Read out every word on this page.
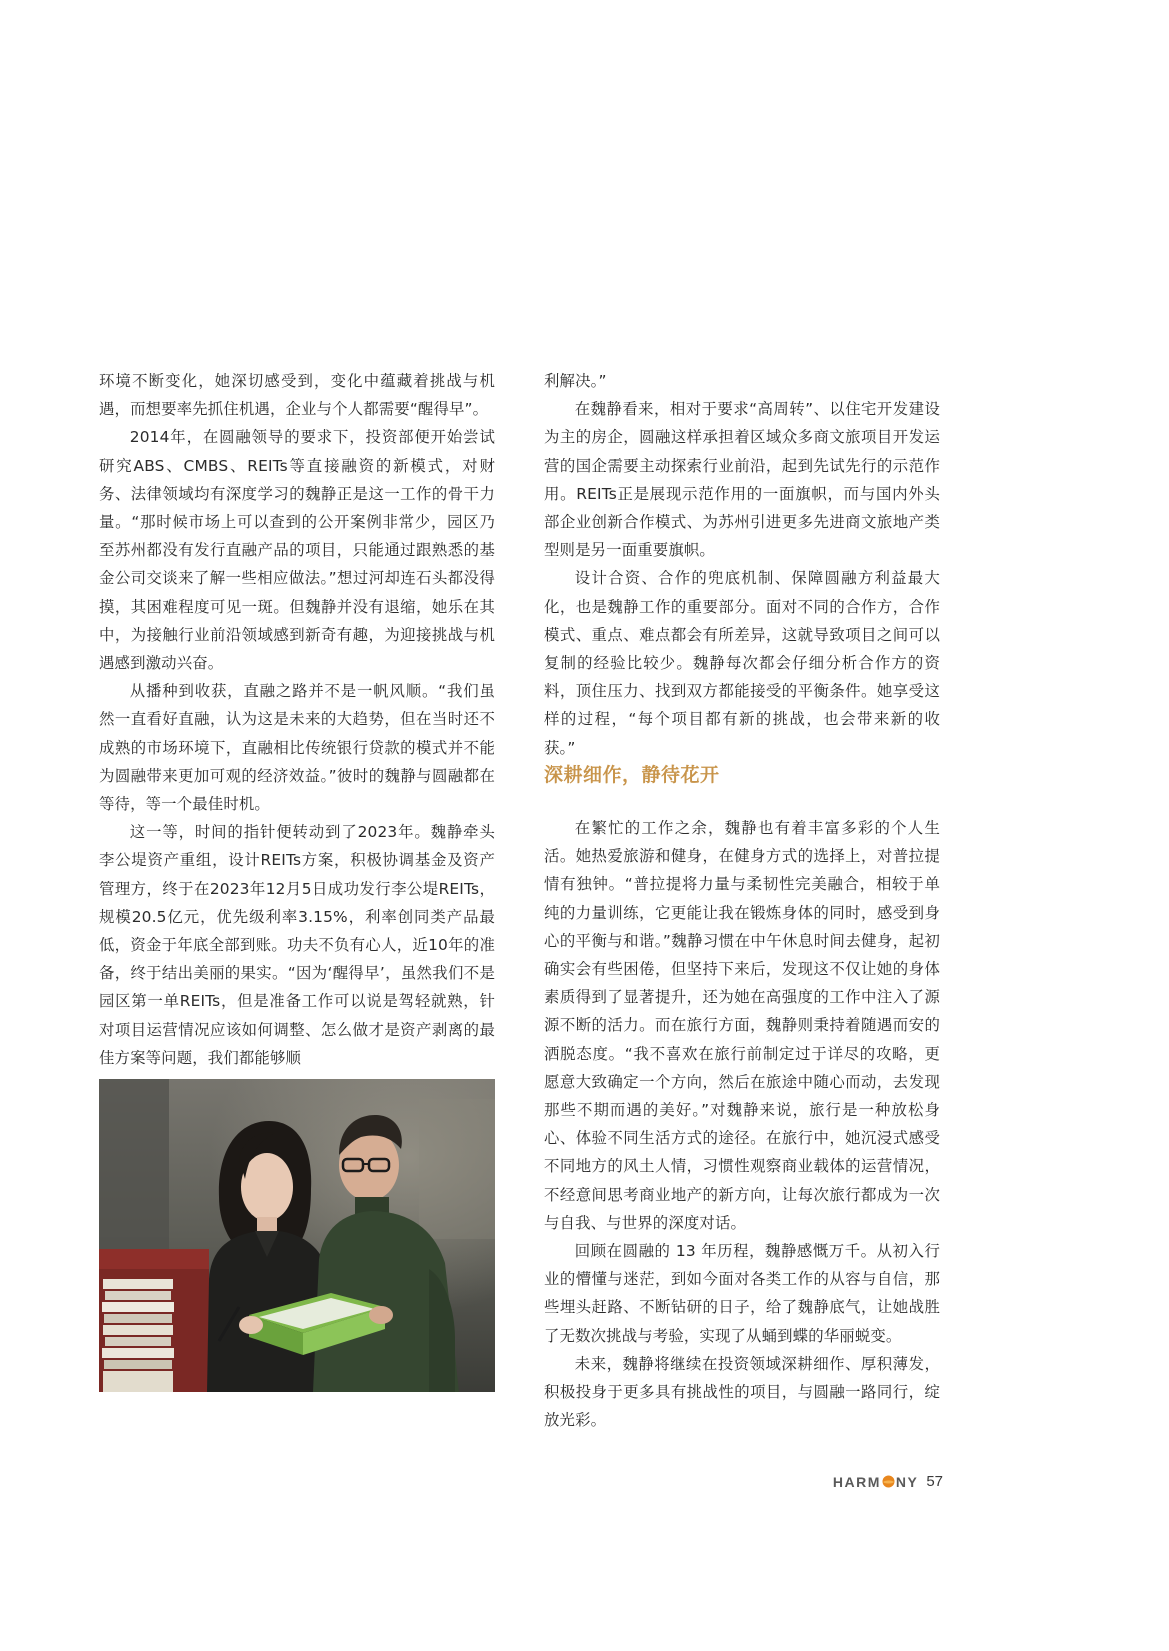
环境不断变化，她深切感受到，变化中蕴藏着挑战与机遇，而想要率先抓住机遇，企业与个人都需要“醒得早”。

2014年，在圆融领导的要求下，投资部便开始尝试研究ABS、CMBS、REITs等直接融资的新模式，对财务、法律领域均有深度学习的魏静正是这一工作的骨干力量。“那时候市场上可以查到的公开案例非常少，园区乃至苏州都没有发行直融产品的项目，只能通过跟熟悉的基金公司交谈来了解一些相应做法。”想过河却连石头都没得摸，其困难程度可见一斑。但魏静并没有退缩，她乐在其中，为接触行业前沿领域感到新奇有趣，为迎接挑战与机遇感到激动兴奋。

从播种到收获，直融之路并不是一帆风顺。“我们虽然一直看好直融，认为这是未来的大趋势，但在当时还不成熟的市场环境下，直融相比传统银行贷款的模式并不能为圆融带来更加可观的经济效益。”彼时的魏静与圆融都在等待，等一个最佳时机。

这一等，时间的指针便转动到了2023年。魏静牵头李公堤资产重组，设计REITs方案，积极协调基金及资产管理方，终于在2023年12月5日成功发行李公堤REITs，规模20.5亿元，优先级利率3.15%，利率创同类产品最低，资金于年底全部到账。功夫不负有心人，近10年的准备，终于结出美丽的果实。“因为‘醒得早’，虽然我们不是园区第一单REITs，但是准备工作可以说是驾轻就熟，针对项目运营情况应该如何调整、怎么做才是资产剥离的最佳方案等问题，我们都能够顺

利解决。”

在魏静看来，相对于要求“高周转”、以住宅开发建设为主的房企，圆融这样承担着区域众多商文旅项目开发运营的国企需要主动探索行业前沿，起到先试先行的示范作用。REITs正是展现示范作用的一面旗帜，而与国内外头部企业创新合作模式、为苏州引进更多先进商文旅地产类型则是另一面重要旗帜。

设计合资、合作的兜底机制、保障圆融方利益最大化，也是魏静工作的重要部分。面对不同的合作方，合作模式、重点、难点都会有所差异，这就导致项目之间可以复制的经验比较少。魏静每次都会仔细分析合作方的资料，顶住压力、找到双方都能接受的平衡条件。她享受这样的过程，“每个项目都有新的挑战，也会带来新的收获。”

深耕细作，静待花开

在繁忙的工作之余，魏静也有着丰富多彩的个人生活。她热爱旅游和健身，在健身方式的选择上，对普拉提情有独钟。“普拉提将力量与柔韧性完美融合，相较于单纯的力量训练，它更能让我在锻炼身体的同时，感受到身心的平衡与和谐。”魏静习惯在中午休息时间去健身，起初确实会有些困倦，但坚持下来后，发现这不仅让她的身体素质得到了显著提升，还为她在高强度的工作中注入了源源不断的活力。而在旅行方面，魏静则秉持着随遇而安的洒脱态度。“我不喜欢在旅行前制定过于详尽的攻略，更愿意大致确定一个方向，然后在旅途中随心而动，去发现那些不期而遇的美好。”对魏静来说，旅行是一种放松身心、体验不同生活方式的途径。在旅行中，她沉浸式感受不同地方的风土人情，习惯性观察商业载体的运营情况，不经意间思考商业地产的新方向，让每次旅行都成为一次与自我、与世界的深度对话。

回顾在圆融的 13 年历程，魏静感慨万千。从初入行业的懵懂与迷茫，到如今面对各类工作的从容与自信，那些埋头赶路、不断钻研的日子，给了魏静底气，让她战胜了无数次挑战与考验，实现了从蛹到蝶的华丽蜕变。

未来，魏静将继续在投资领域深耕细作、厚积薄发，积极投身于更多具有挑战性的项目，与圆融一路同行，绽放光彩。

HARM NY 57
